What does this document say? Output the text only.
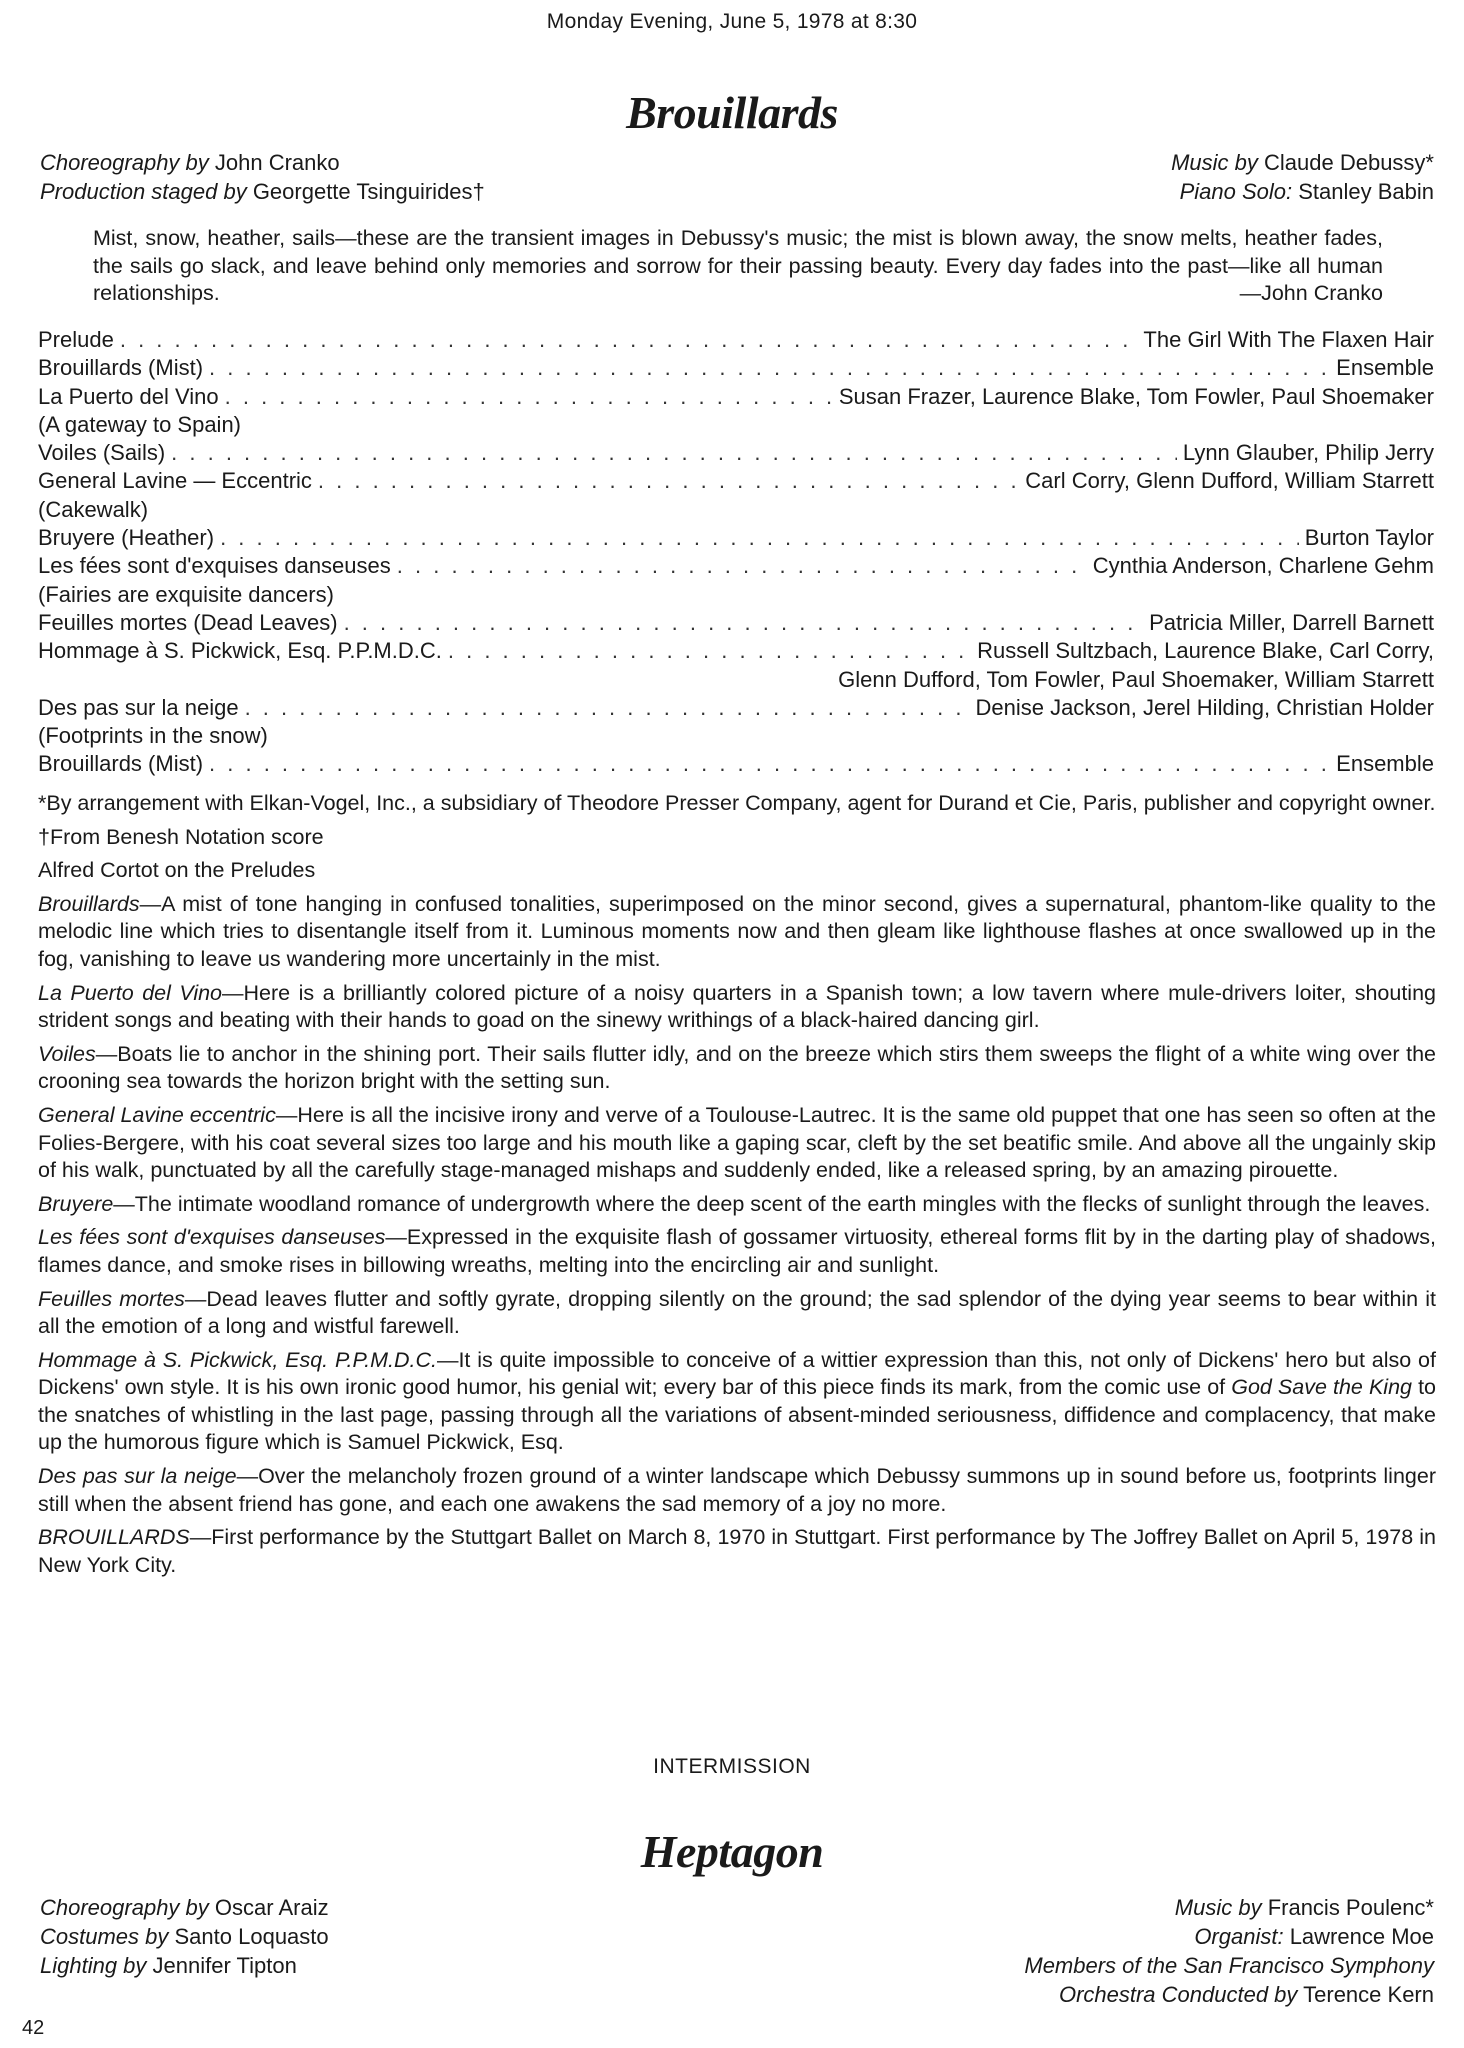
Monday Evening, June 5, 1978 at 8:30
Brouillards
Choreography by John Cranko
Production staged by Georgette Tsinguirides†
Music by Claude Debussy*
Piano Solo: Stanley Babin
Mist, snow, heather, sails—these are the transient images in Debussy's music; the mist is blown away, the snow melts, heather fades, the sails go slack, and leave behind only memories and sorrow for their passing beauty. Every day fades into the past—like all human relationships.	—John Cranko
Prelude . . .	The Girl With The Flaxen Hair
Brouillards (Mist) . . .	Ensemble
La Puerto del Vino . . .	Susan Frazer, Laurence Blake, Tom Fowler, Paul Shoemaker
(A gateway to Spain)
Voiles (Sails) . . .	Lynn Glauber, Philip Jerry
General Lavine — Eccentric . . .	Carl Corry, Glenn Dufford, William Starrett
(Cakewalk)
Bruyere (Heather) . . .	Burton Taylor
Les fées sont d'exquises danseuses . . .	Cynthia Anderson, Charlene Gehm
(Fairies are exquisite dancers)
Feuilles mortes (Dead Leaves) . . .	Patricia Miller, Darrell Barnett
Hommage à S. Pickwick, Esq. P.P.M.D.C. . . .	Russell Sultzbach, Laurence Blake, Carl Corry,
Glenn Dufford, Tom Fowler, Paul Shoemaker, William Starrett
Des pas sur la neige . . .	Denise Jackson, Jerel Hilding, Christian Holder
(Footprints in the snow)
Brouillards (Mist) . . .	Ensemble

*By arrangement with Elkan-Vogel, Inc., a subsidiary of Theodore Presser Company, agent for Durand et Cie, Paris, publisher and copyright owner.

†From Benesh Notation score

Alfred Cortot on the Preludes

Brouillards—A mist of tone hanging in confused tonalities, superimposed on the minor second, gives a supernatural, phantom-like quality to the melodic line which tries to disentangle itself from it. Luminous moments now and then gleam like lighthouse flashes at once swallowed up in the fog, vanishing to leave us wandering more uncertainly in the mist.

La Puerto del Vino—Here is a brilliantly colored picture of a noisy quarters in a Spanish town; a low tavern where mule-drivers loiter, shouting strident songs and beating with their hands to goad on the sinewy writhings of a black-haired dancing girl.

Voiles—Boats lie to anchor in the shining port. Their sails flutter idly, and on the breeze which stirs them sweeps the flight of a white wing over the crooning sea towards the horizon bright with the setting sun.

General Lavine eccentric—Here is all the incisive irony and verve of a Toulouse-Lautrec. It is the same old puppet that one has seen so often at the Folies-Bergere, with his coat several sizes too large and his mouth like a gaping scar, cleft by the set beatific smile. And above all the ungainly skip of his walk, punctuated by all the carefully stage-managed mishaps and suddenly ended, like a released spring, by an amazing pirouette.

Bruyere—The intimate woodland romance of undergrowth where the deep scent of the earth mingles with the flecks of sunlight through the leaves.

Les fées sont d'exquises danseuses—Expressed in the exquisite flash of gossamer virtuosity, ethereal forms flit by in the darting play of shadows, flames dance, and smoke rises in billowing wreaths, melting into the encircling air and sunlight.

Feuilles mortes—Dead leaves flutter and softly gyrate, dropping silently on the ground; the sad splendor of the dying year seems to bear within it all the emotion of a long and wistful farewell.

Hommage à S. Pickwick, Esq. P.P.M.D.C.—It is quite impossible to conceive of a wittier expression than this, not only of Dickens' hero but also of Dickens' own style. It is his own ironic good humor, his genial wit; every bar of this piece finds its mark, from the comic use of God Save the King to the snatches of whistling in the last page, passing through all the variations of absent-minded seriousness, diffidence and complacency, that make up the humorous figure which is Samuel Pickwick, Esq.

Des pas sur la neige—Over the melancholy frozen ground of a winter landscape which Debussy summons up in sound before us, footprints linger still when the absent friend has gone, and each one awakens the sad memory of a joy no more.

BROUILLARDS—First performance by the Stuttgart Ballet on March 8, 1970 in Stuttgart. First performance by The Joffrey Ballet on April 5, 1978 in New York City.

INTERMISSION
Heptagon
Choreography by Oscar Araiz
Costumes by Santo Loquasto
Lighting by Jennifer Tipton
Music by Francis Poulenc*
Organist: Lawrence Moe
Members of the San Francisco Symphony
Orchestra Conducted by Terence Kern
42
